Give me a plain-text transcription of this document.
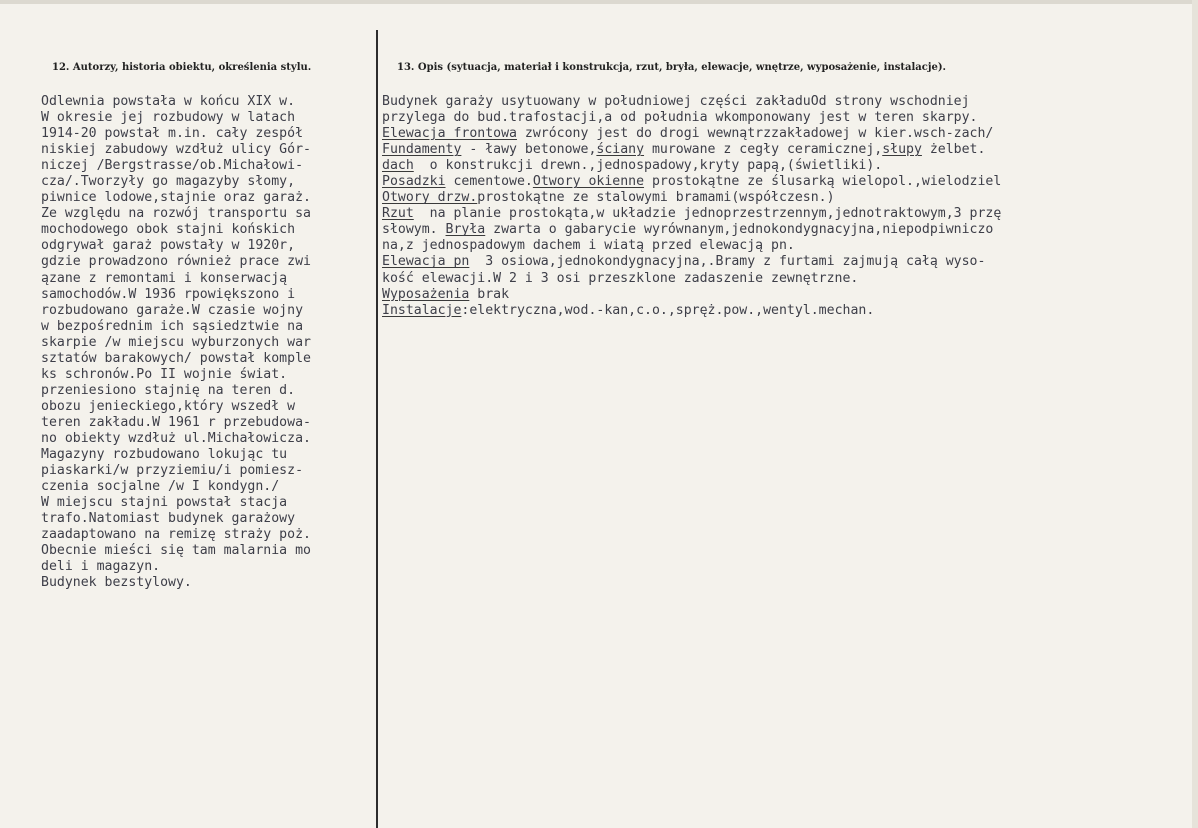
12. Autorzy, historia obiektu, określenia stylu.	13. Opis (sytuacja, materiał i konstrukcja, rzut, bryła, elewacje, wnętrze, wyposażenie, instalacje).
Odlewnia powstała w końcu XIX w.
W okresie jej rozbudowy w latach
1914-20 powstał m.in. cały zespół
niskiej zabudowy wzdłuż ulicy Gór-
niczej /Bergstrasse/ob.Michałowi-
cza/.Tworzyły go magazyby słomy,
piwnice lodowe,stajnie oraz garaż.
Ze względu na rozwój transportu sa
mochodowego obok stajni końskich
odgrywał garaż powstały w 1920r,
gdzie prowadzono również prace zwi
ązane z remontami i konserwacją
samochodów.W 1936 rpowiększono i
rozbudowano garaże.W czasie wojny
w bezpośrednim ich sąsiedztwie na
skarpie /w miejscu wyburzonych war
sztatów barakowych/ powstał komple
ks schronów.Po II wojnie świat.
przeniesiono stajnię na teren d.
obozu jenieckiego,który wszedł w
teren zakładu.W 1961 r przebudowa-
no obiekty wzdłuż ul.Michałowicza.
Magazyny rozbudowano lokując tu
piaskarki/w przyziemiu/i pomiesz-
czenia socjalne /w I kondygn./
W miejscu stajni powstał stacja
trafo.Natomiast budynek garażowy
zaadaptowano na remizę straży poż.
Obecnie mieści się tam malarnia mo
deli i magazyn.
Budynek bezstylowy.
Budynek garaży usytuowany w południowej części zakładuOd strony wschodniej
przylega do bud.trafostacji,a od południa wkomponowany jest w teren skarpy.
Elewacja frontowa zwrócony jest do drogi wewnątrzzakładowej w kier.wsch-zach/
Fundamenty - ławy betonowe,ściany murowane z cegły ceramicznej,słupy żelbet.
dach  o konstrukcji drewn.,jednospadowy,kryty papą,(świetliki).
Posadzki cementowe.Otwory okienne prostokątne ze ślusarką wielopol.,wielodziel
Otwory drzw.prostokątne ze stalowymi bramami(współczesn.)
Rzut  na planie prostokąta,w układzie jednoprzestrzennym,jednotraktowym,3 przę
słowym. Bryła zwarta o gabarycie wyrównanym,jednokondygnacyjna,niepodpiwniczo
na,z jednospadowym dachem i wiatą przed elewacją pn.
Elewacja pn  3 osiowa,jednokondygnacyjna,.Bramy z furtami zajmują całą wyso-
kość elewacji.W 2 i 3 osi przeszklone zadaszenie zewnętrzne.
Wyposażenia brak
Instalacje:elektryczna,wod.-kan,c.o.,spręż.pow.,wentyl.mechan.
